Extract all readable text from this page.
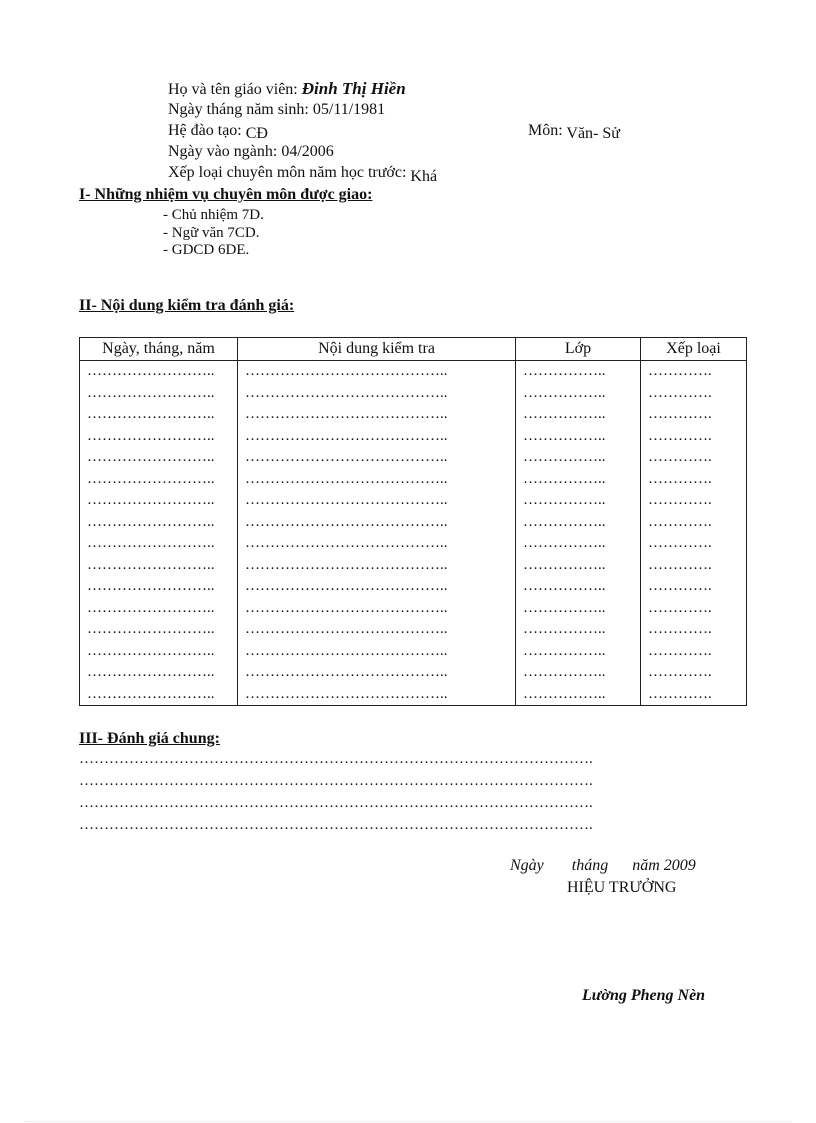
Họ và tên giáo viên: Đinh Thị Hiền
Ngày tháng năm sinh: 05/11/1981
Hệ đào tạo: CĐ	Môn: Văn- Sử
Ngày vào ngành: 04/2006
Xếp loại chuyên môn năm học trước: Khá
I- Những nhiệm vụ chuyên môn được giao:
- Chủ nhiệm 7D.
- Ngữ văn 7CD.
- GDCD 6DE.
II- Nội dung kiểm tra đánh giá:
Ngày, tháng, năm	Nội dung kiểm tra	Lớp	Xếp loại
……………………..	…………………………………..	……………..	………….
……………………..	…………………………………..	……………..	………….
……………………..	…………………………………..	……………..	………….
……………………..	…………………………………..	……………..	………….
……………………..	…………………………………..	……………..	………….
……………………..	…………………………………..	……………..	………….
……………………..	…………………………………..	……………..	………….
……………………..	…………………………………..	……………..	………….
……………………..	…………………………………..	……………..	………….
……………………..	…………………………………..	……………..	………….
……………………..	…………………………………..	……………..	………….
……………………..	…………………………………..	……………..	………….
……………………..	…………………………………..	……………..	………….
……………………..	…………………………………..	……………..	………….
……………………..	…………………………………..	……………..	………….
……………………..	…………………………………..	……………..	………….
III- Đánh giá chung:
………………………………………………………………………………………….
………………………………………………………………………………………….
………………………………………………………………………………………….
………………………………………………………………………………………….
Ngày       tháng      năm 2009
HIỆU TRƯỞNG
Lường Pheng Nèn
